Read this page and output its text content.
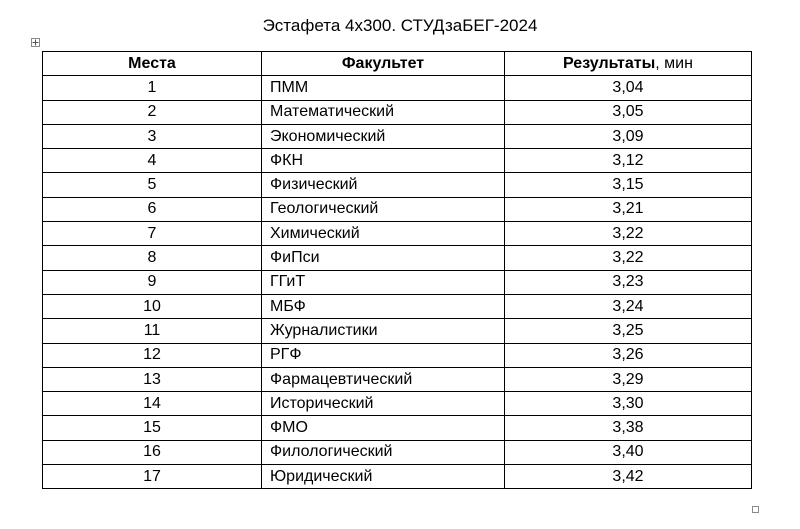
Эстафета 4х300. СТУДзаБЕГ-2024
Места	Факультет	Результаты, мин
1	ПММ	3,04
2	Математический	3,05
3	Экономический	3,09
4	ФКН	3,12
5	Физический	3,15
6	Геологический	3,21
7	Химический	3,22
8	ФиПси	3,22
9	ГГиТ	3,23
10	МБФ	3,24
11	Журналистики	3,25
12	РГФ	3,26
13	Фармацевтический	3,29
14	Исторический	3,30
15	ФМО	3,38
16	Филологический	3,40
17	Юридический	3,42
